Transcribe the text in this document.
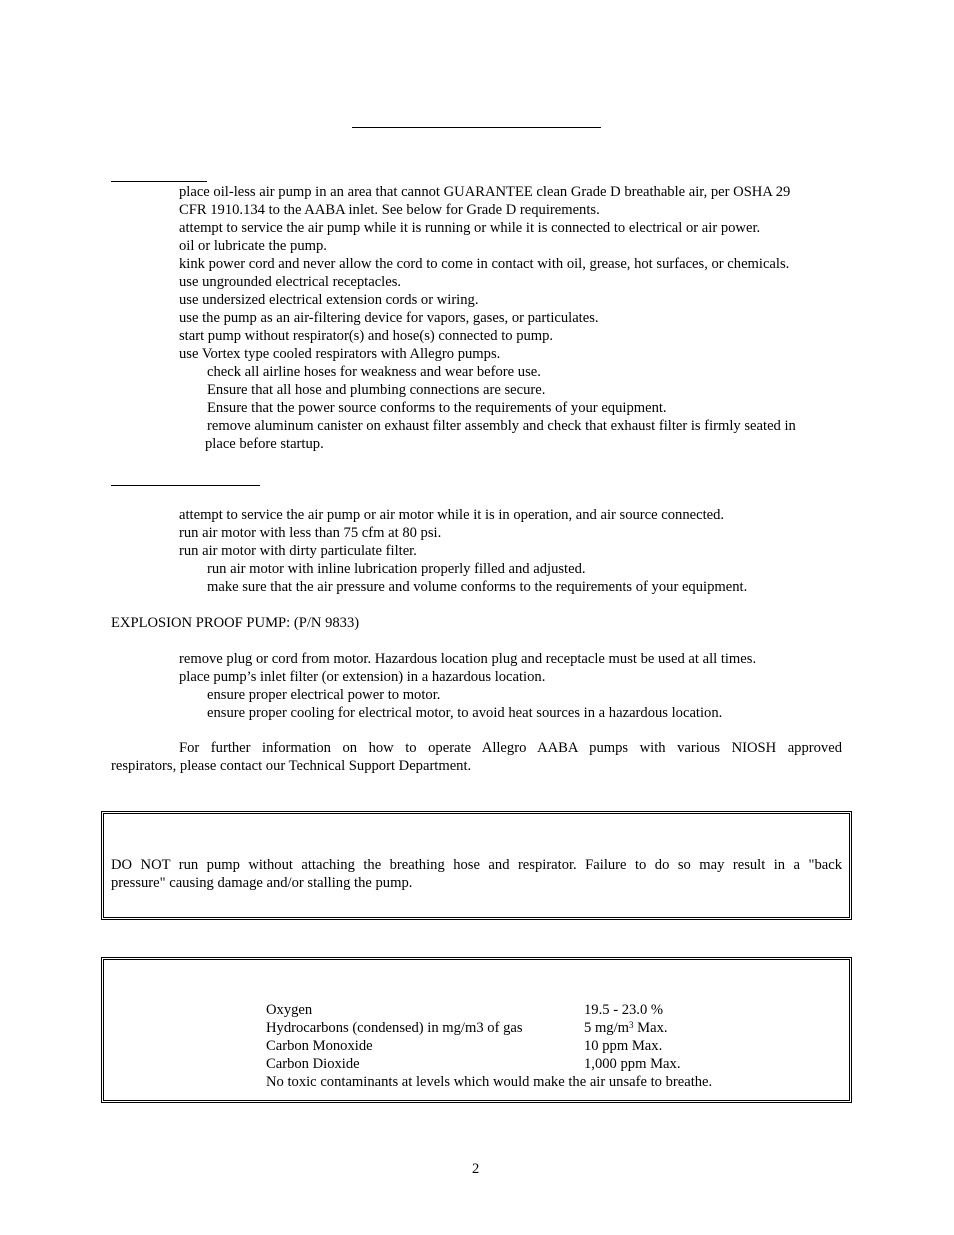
place oil-less air pump in an area that cannot GUARANTEE clean Grade D breathable air, per OSHA 29
CFR 1910.134 to the AABA inlet. See below for Grade D requirements.
attempt to service the air pump while it is running or while it is connected to electrical or air power.
oil or lubricate the pump.
kink power cord and never allow the cord to come in contact with oil, grease, hot surfaces, or chemicals.
use ungrounded electrical receptacles.
use undersized electrical extension cords or wiring.
use the pump as an air-filtering device for vapors, gases, or particulates.
start pump without respirator(s) and hose(s) connected to pump.
use Vortex type cooled respirators with Allegro pumps.
check all airline hoses for weakness and wear before use.
Ensure that all hose and plumbing connections are secure.
Ensure that the power source conforms to the requirements of your equipment.
remove aluminum canister on exhaust filter assembly and check that exhaust filter is firmly seated in
place before startup.
attempt to service the air pump or air motor while it is in operation, and air source connected.
run air motor with less than 75 cfm at 80 psi.
run air motor with dirty particulate filter.
run air motor with inline lubrication properly filled and adjusted.
make sure that the air pressure and volume conforms to the requirements of your equipment.
EXPLOSION PROOF PUMP: (P/N 9833)
remove plug or cord from motor. Hazardous location plug and receptacle must be used at all times.
place pump’s inlet filter (or extension) in a hazardous location.
ensure proper electrical power to motor.
ensure proper cooling for electrical motor, to avoid heat sources in a hazardous location.
For further information on how to operate Allegro AABA pumps with various NIOSH approved
respirators, please contact our Technical Support Department.
DO NOT run pump without attaching the breathing hose and respirator. Failure to do so may result in a "back
pressure" causing damage and/or stalling the pump.
Oxygen	19.5 - 23.0 %
Hydrocarbons (condensed) in mg/m3 of gas	5 $mg/m^3$ Max.
Carbon Monoxide	10 ppm Max.
Carbon Dioxide	1,000 ppm Max.
No toxic contaminants at levels which would make the air unsafe to breathe.
2
